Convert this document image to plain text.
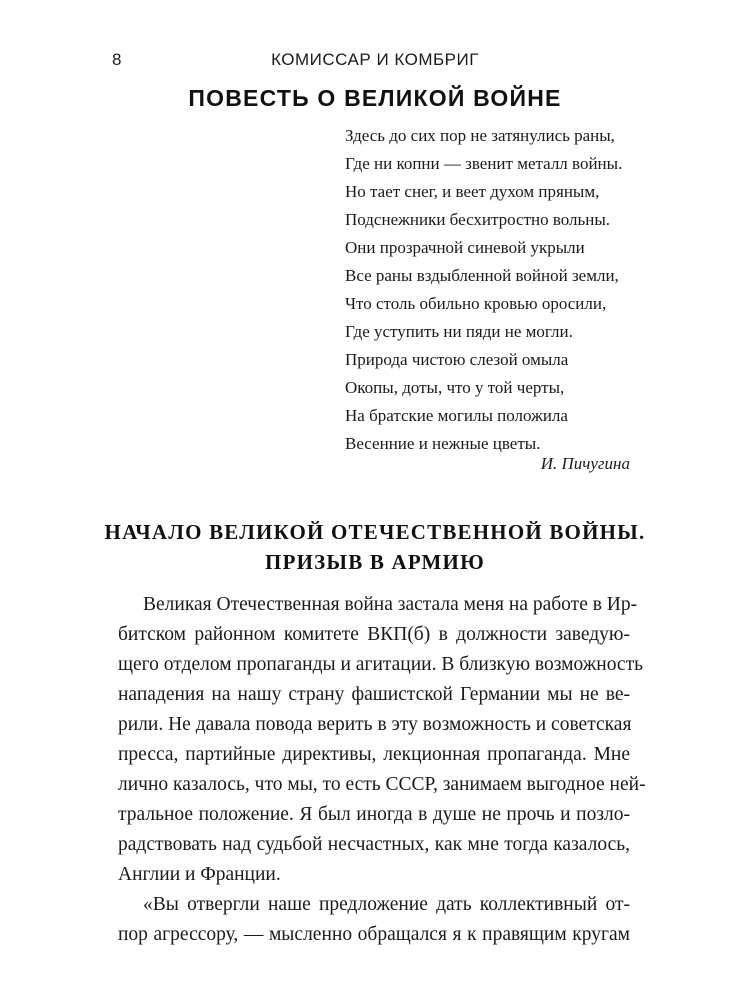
8	КОМИССАР И КОМБРИГ
ПОВЕСТЬ О ВЕЛИКОЙ ВОЙНЕ
Здесь до сих пор не затянулись раны,
Где ни копни — звенит металл войны.
Но тает снег, и веет духом пряным,
Подснежники бесхитростно вольны.
Они прозрачной синевой укрыли
Все раны вздыбленной войной земли,
Что столь обильно кровью оросили,
Где уступить ни пяди не могли.
Природа чистою слезой омыла
Окопы, доты, что у той черты,
На братские могилы положила
Весенние и нежные цветы.
И. Пичугина
НАЧАЛО ВЕЛИКОЙ ОТЕЧЕСТВЕННОЙ ВОЙНЫ.
ПРИЗЫВ В АРМИЮ
Великая Отечественная война застала меня на работе в Ир-
битском районном комитете ВКП(б) в должности заведую-
щего отделом пропаганды и агитации. В близкую возможность
нападения на нашу страну фашистской Германии мы не ве-
рили. Не давала повода верить в эту возможность и советская
пресса, партийные директивы, лекционная пропаганда. Мне
лично казалось, что мы, то есть СССР, занимаем выгодное ней-
тральное положение. Я был иногда в душе не прочь и позло-
радствовать над судьбой несчастных, как мне тогда казалось,
Англии и Франции.
«Вы отвергли наше предложение дать коллективный от-
пор агрессору, — мысленно обращался я к правящим кругам
